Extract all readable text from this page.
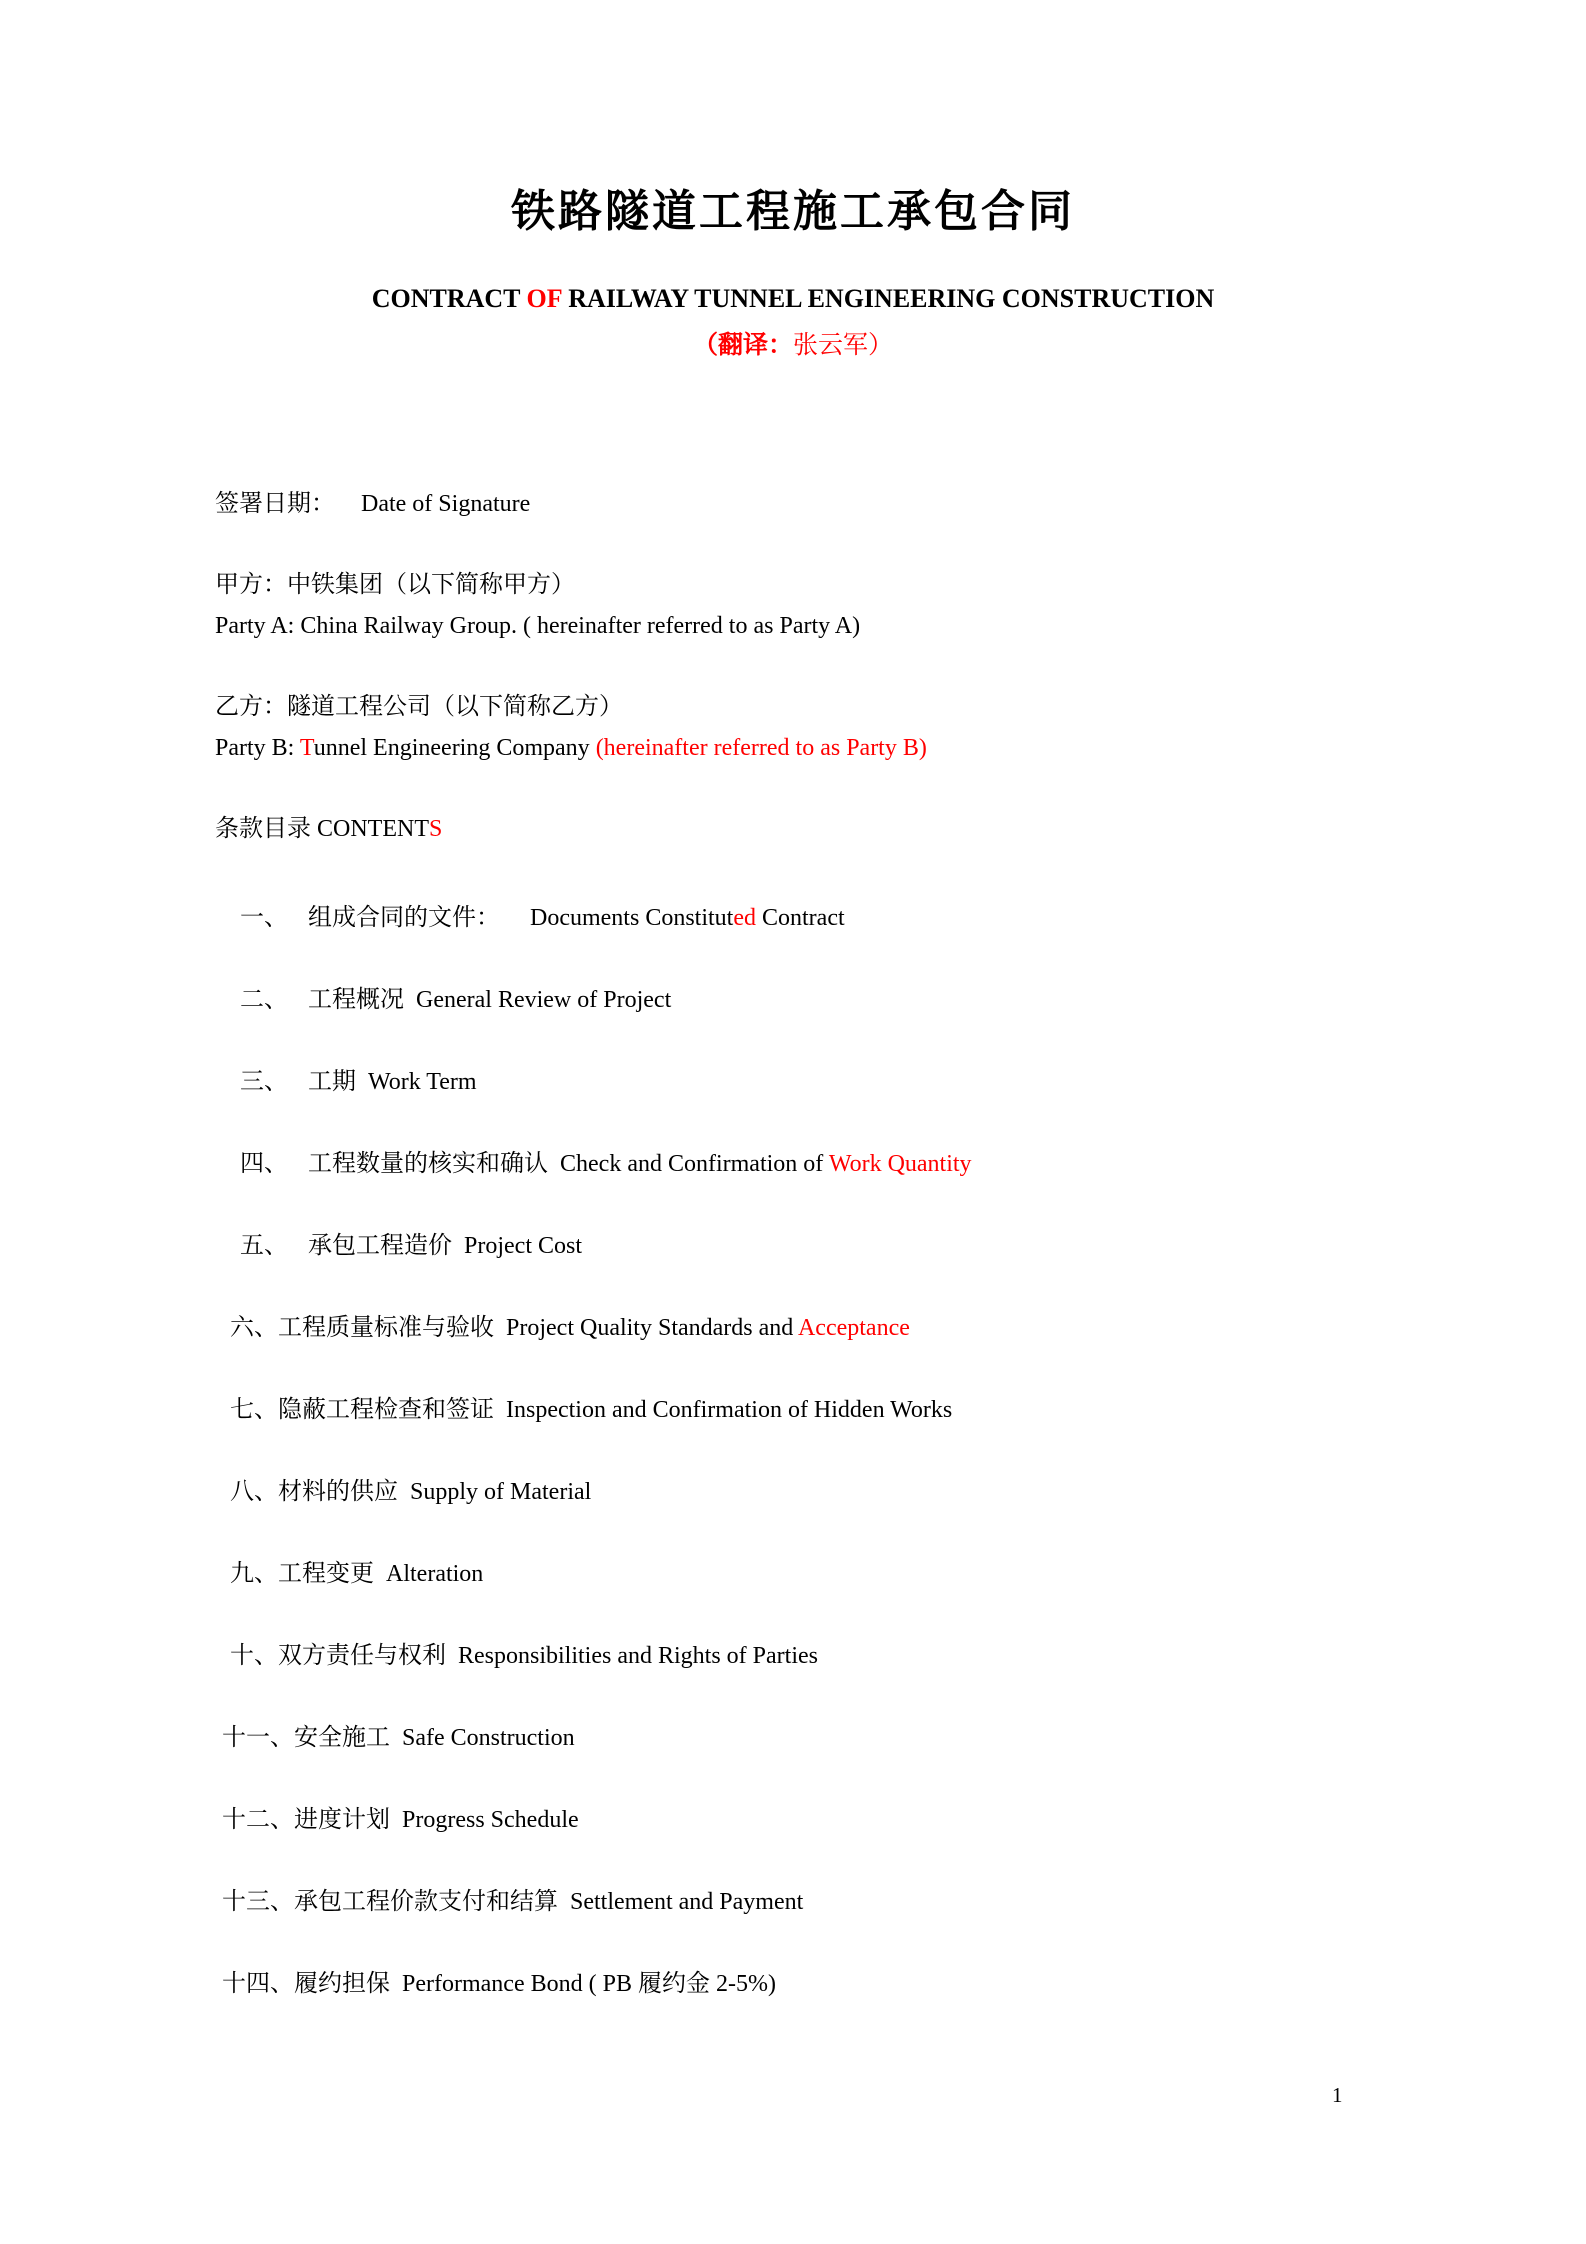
铁路隧道工程施工承包合同
CONTRACT OF RAILWAY TUNNEL ENGINEERING CONSTRUCTION
（翻译：张云军）

签署日期： Date of Signature

甲方：中铁集团（以下简称甲方）
Party A: China Railway Group. ( hereinafter referred to as Party A)

乙方：隧道工程公司（以下简称乙方）
Party B: Tunnel Engineering Company (hereinafter referred to as Party B)

条款目录 CONTENTS

一、 组成合同的文件： Documents Constituted Contract

二、 工程概况 General Review of Project

三、 工期 Work Term

四、 工程数量的核实和确认 Check and Confirmation of Work Quantity

五、 承包工程造价 Project Cost

六、工程质量标准与验收 Project Quality Standards and Acceptance

七、隐蔽工程检查和签证 Inspection and Confirmation of Hidden Works

八、材料的供应 Supply of Material

九、工程变更 Alteration

十、双方责任与权利 Responsibilities and Rights of Parties

十一、安全施工 Safe Construction

十二、进度计划 Progress Schedule

十三、承包工程价款支付和结算 Settlement and Payment

十四、履约担保 Performance Bond ( PB 履约金 2-5%)

1
